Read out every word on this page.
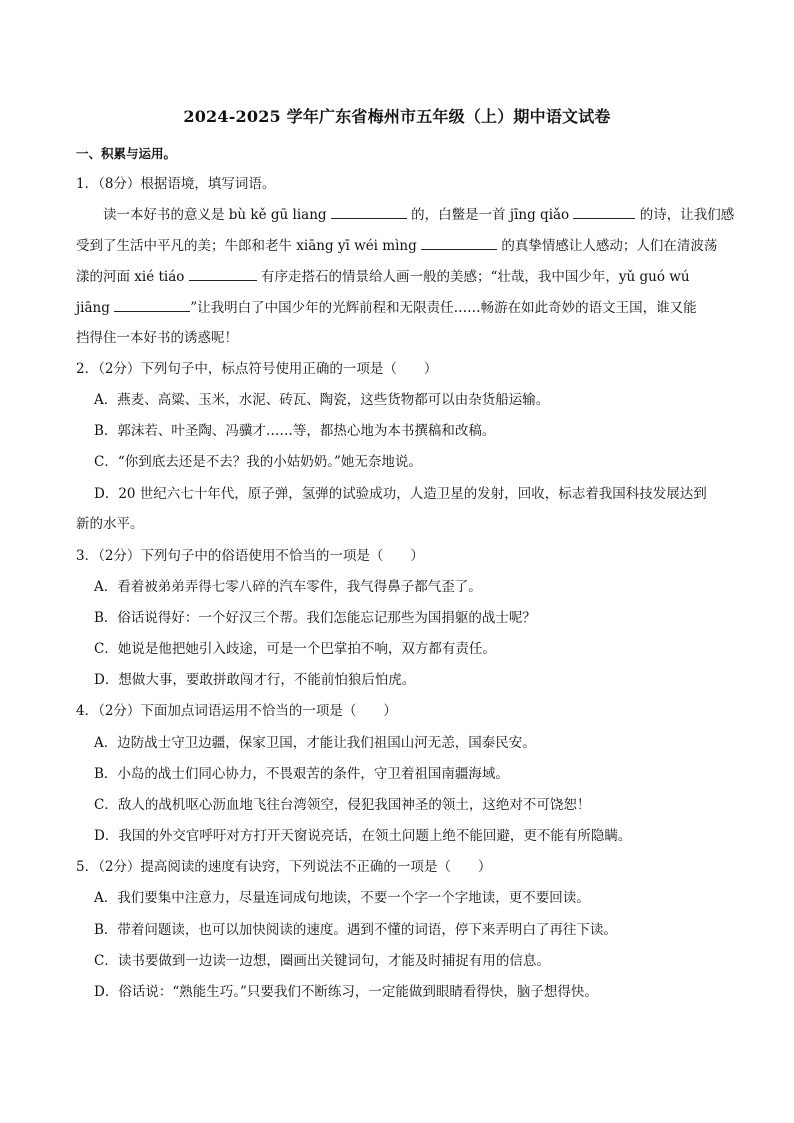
2024-2025 学年广东省梅州市五年级（上）期中语文试卷
一、积累与运用。
1．（8分）根据语境，填写词语。
读一本好书的意义是 bù kě gū liang	的，白鳖是一首 jīng qiǎo	的诗，让我们感
受到了生活中平凡的美；牛郎和老牛 xiāng yī wéi mìng	的真挚情感让人感动；人们在清波荡
漾的河面 xié tiáo	有序走搭石的情景给人画一般的美感；“壮哉，我中国少年，yǔ guó wú
jiāng	”让我明白了中国少年的光辉前程和无限责任……畅游在如此奇妙的语文王国，谁又能
挡得住一本好书的诱惑呢！
2．（2分）下列句子中，标点符号使用正确的一项是（　　）
A．燕麦、高粱、玉米，水泥、砖瓦、陶瓷，这些货物都可以由杂货船运输。
B．郭沫若、叶圣陶、冯骥才……等，都热心地为本书撰稿和改稿。
C．“你到底去还是不去？我的小姑奶奶。”她无奈地说。
D．20 世纪六七十年代，原子弹，氢弹的试验成功，人造卫星的发射，回收，标志着我国科技发展达到
新的水平。
3．（2分）下列句子中的俗语使用不恰当的一项是（　　）
A．看着被弟弟弄得七零八碎的汽车零件，我气得鼻子都气歪了。
B．俗话说得好：一个好汉三个帮。我们怎能忘记那些为国捐躯的战士呢？
C．她说是他把她引入歧途，可是一个巴掌拍不响，双方都有责任。
D．想做大事，要敢拼敢闯才行，不能前怕狼后怕虎。
4．（2分）下面加点词语运用不恰当的一项是（　　）
A．边防战士守卫边疆，保家卫国，才能让我们祖国山河无恙，国泰民安。
B．小岛的战士们同心协力，不畏艰苦的条件，守卫着祖国南疆海域。
C．敌人的战机呕心沥血地飞往台湾领空，侵犯我国神圣的领土，这绝对不可饶恕！
D．我国的外交官呼吁对方打开天窗说亮话，在领土问题上绝不能回避，更不能有所隐瞒。
5．（2分）提高阅读的速度有诀窍，下列说法不正确的一项是（　　）
A．我们要集中注意力，尽量连词成句地读，不要一个字一个字地读，更不要回读。
B．带着问题读，也可以加快阅读的速度。遇到不懂的词语，停下来弄明白了再往下读。
C．读书要做到一边读一边想，圈画出关键词句，才能及时捕捉有用的信息。
D．俗话说：“熟能生巧。”只要我们不断练习，一定能做到眼睛看得快，脑子想得快。
